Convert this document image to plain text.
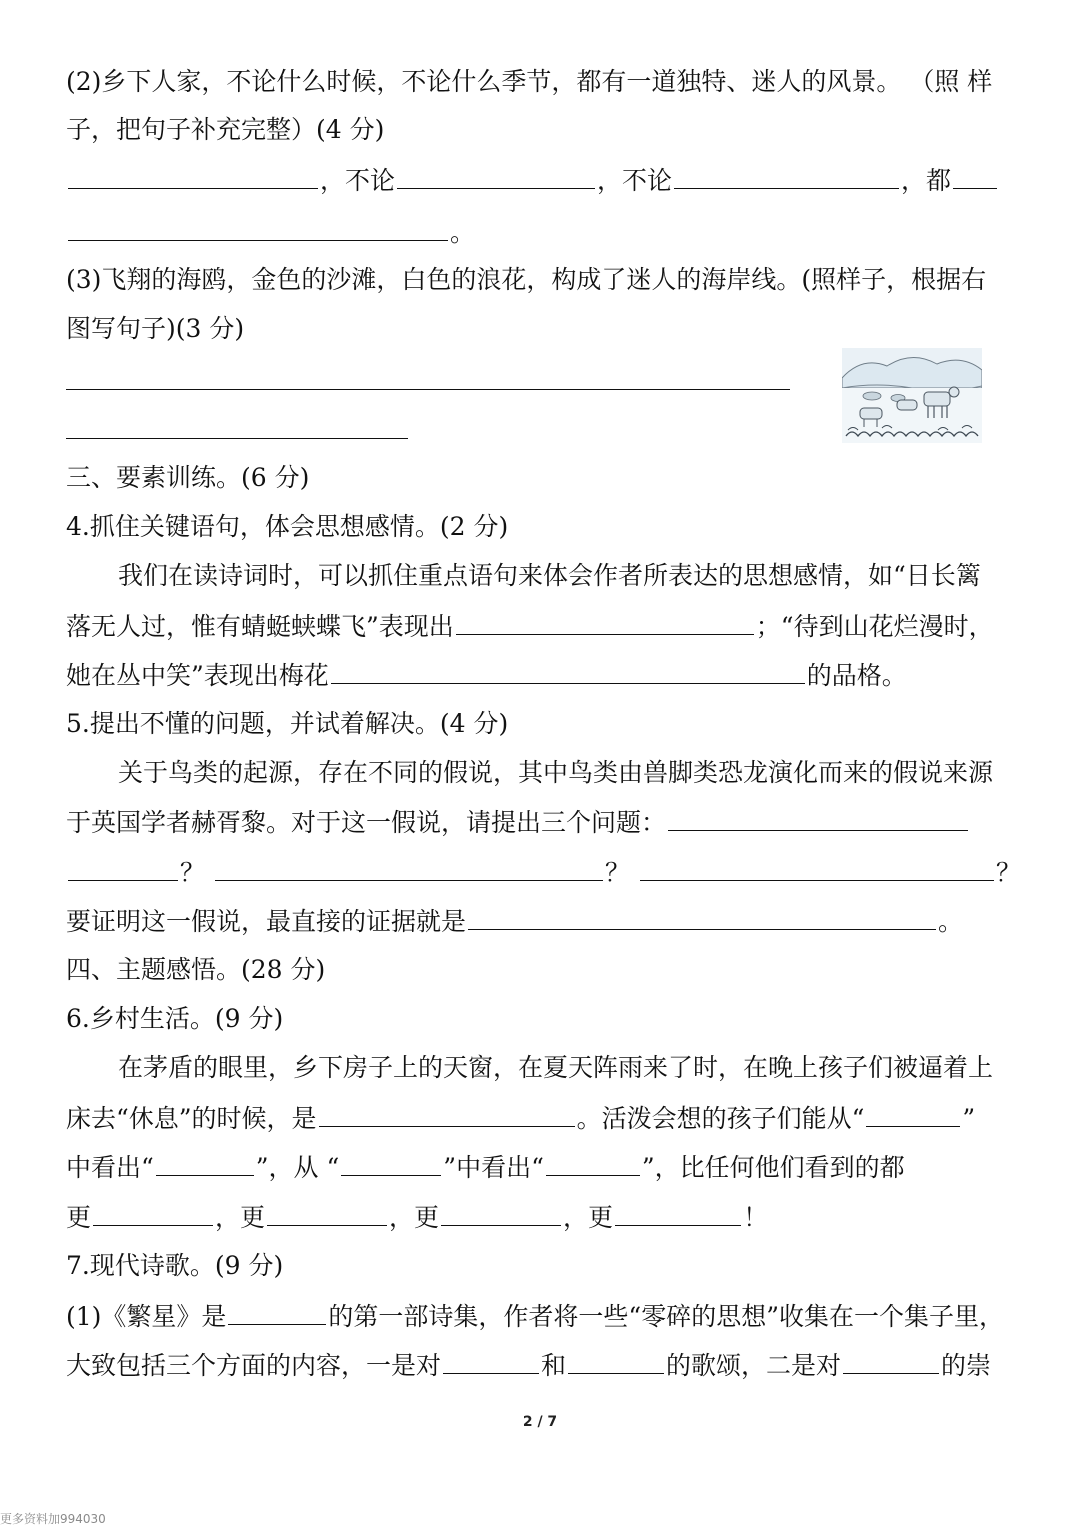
(2)乡下人家，不论什么时候，不论什么季节，都有一道独特、迷人的风景。 （照 样
子，把句子补充完整）(4 分)
，不论	，不论	，都
。
(3)飞翔的海鸥，金色的沙滩，白色的浪花，构成了迷人的海岸线。(照样子，根据右
图写句子)(3 分)
三、要素训练。(6 分)
4.抓住关键语句，体会思想感情。(2 分)
我们在读诗词时，可以抓住重点语句来体会作者所表达的思想感情，如“日长篱
落无人过，惟有蜻蜓蛱蝶飞”表现出	；“待到山花烂漫时，
她在丛中笑”表现出梅花	的品格。
5.提出不懂的问题，并试着解决。(4 分)
关于鸟类的起源，存在不同的假说，其中鸟类由兽脚类恐龙演化而来的假说来源
于英国学者赫胥黎。对于这一假说，请提出三个问题：
？	？	？
要证明这一假说，最直接的证据就是	。
四、主题感悟。(28 分)
6.乡村生活。(9 分)
在茅盾的眼里，乡下房子上的天窗，在夏天阵雨来了时，在晚上孩子们被逼着上
床去“休息”的时候，是	。活泼会想的孩子们能从“	”
中看出“	”，从 “	”中看出“	”，比任何他们看到的都
更	，更	，更	，更	！
7.现代诗歌。(9 分)
(1)《繁星》是	的第一部诗集，作者将一些“零碎的思想”收集在一个集子里，
大致包括三个方面的内容，一是对	和	的歌颂，二是对	的崇
2 / 7
更多资料加994030
